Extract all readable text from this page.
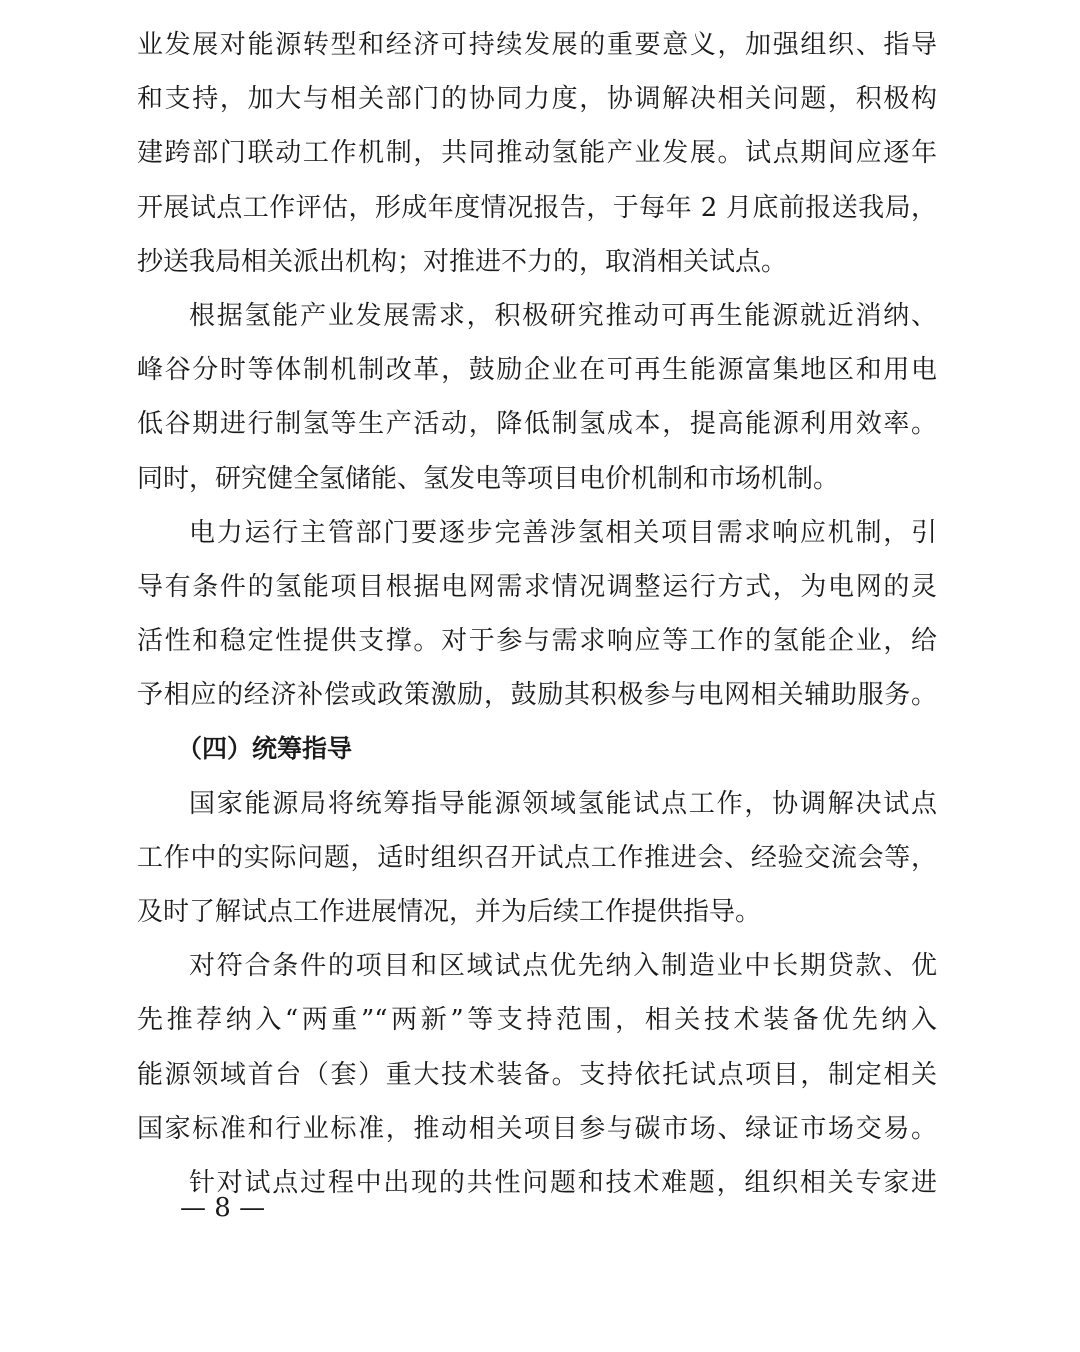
业发展对能源转型和经济可持续发展的重要意义，加强组织、指导
和支持，加大与相关部门的协同力度，协调解决相关问题，积极构
建跨部门联动工作机制，共同推动氢能产业发展。试点期间应逐年
开展试点工作评估，形成年度情况报告，于每年 2 月底前报送我局，
抄送我局相关派出机构；对推进不力的，取消相关试点。
根据氢能产业发展需求，积极研究推动可再生能源就近消纳、
峰谷分时等体制机制改革，鼓励企业在可再生能源富集地区和用电
低谷期进行制氢等生产活动，降低制氢成本，提高能源利用效率。
同时，研究健全氢储能、氢发电等项目电价机制和市场机制。
电力运行主管部门要逐步完善涉氢相关项目需求响应机制，引
导有条件的氢能项目根据电网需求情况调整运行方式，为电网的灵
活性和稳定性提供支撑。对于参与需求响应等工作的氢能企业，给
予相应的经济补偿或政策激励，鼓励其积极参与电网相关辅助服务。
（四）统筹指导
国家能源局将统筹指导能源领域氢能试点工作，协调解决试点
工作中的实际问题，适时组织召开试点工作推进会、经验交流会等，
及时了解试点工作进展情况，并为后续工作提供指导。
对符合条件的项目和区域试点优先纳入制造业中长期贷款、优
先推荐纳入“两重”“两新”等支持范围，相关技术装备优先纳入
能源领域首台（套）重大技术装备。支持依托试点项目，制定相关
国家标准和行业标准，推动相关项目参与碳市场、绿证市场交易。
针对试点过程中出现的共性问题和技术难题，组织相关专家进
— 8 —
